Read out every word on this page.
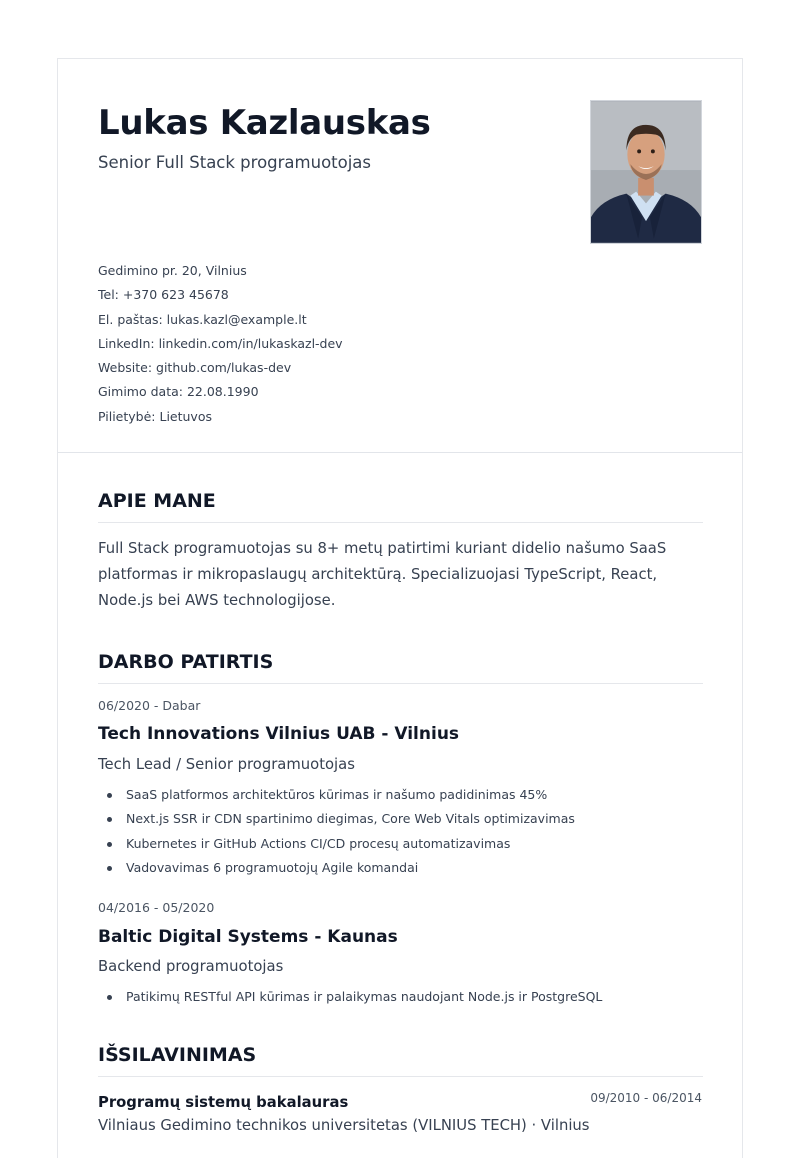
Lukas Kazlauskas
Senior Full Stack programuotojas
Gedimino pr. 20, Vilnius
Tel: +370 623 45678
El. paštas: lukas.kazl@example.lt
LinkedIn: linkedin.com/in/lukaskazl-dev
Website: github.com/lukas-dev
Gimimo data: 22.08.1990
Pilietybė: Lietuvos
APIE MANE

Full Stack programuotojas su 8+ metų patirtimi kuriant didelio našumo SaaS platformas ir mikropaslaugų architektūrą. Specializuojasi TypeScript, React, Node.js bei AWS technologijose.

DARBO PATIRTIS
06/2020 - Dabar
Tech Innovations Vilnius UAB - Vilnius
Tech Lead / Senior programuotojas
SaaS platformos architektūros kūrimas ir našumo padidinimas 45%
Next.js SSR ir CDN spartinimo diegimas, Core Web Vitals optimizavimas
Kubernetes ir GitHub Actions CI/CD procesų automatizavimas
Vadovavimas 6 programuotojų Agile komandai
04/2016 - 05/2020
Baltic Digital Systems - Kaunas
Backend programuotojas
Patikimų RESTful API kūrimas ir palaikymas naudojant Node.js ir PostgreSQL
IŠSILAVINIMAS
Programų sistemų bakalauras	09/2010 - 06/2014
Vilniaus Gedimino technikos universitetas (VILNIUS TECH) · Vilnius
